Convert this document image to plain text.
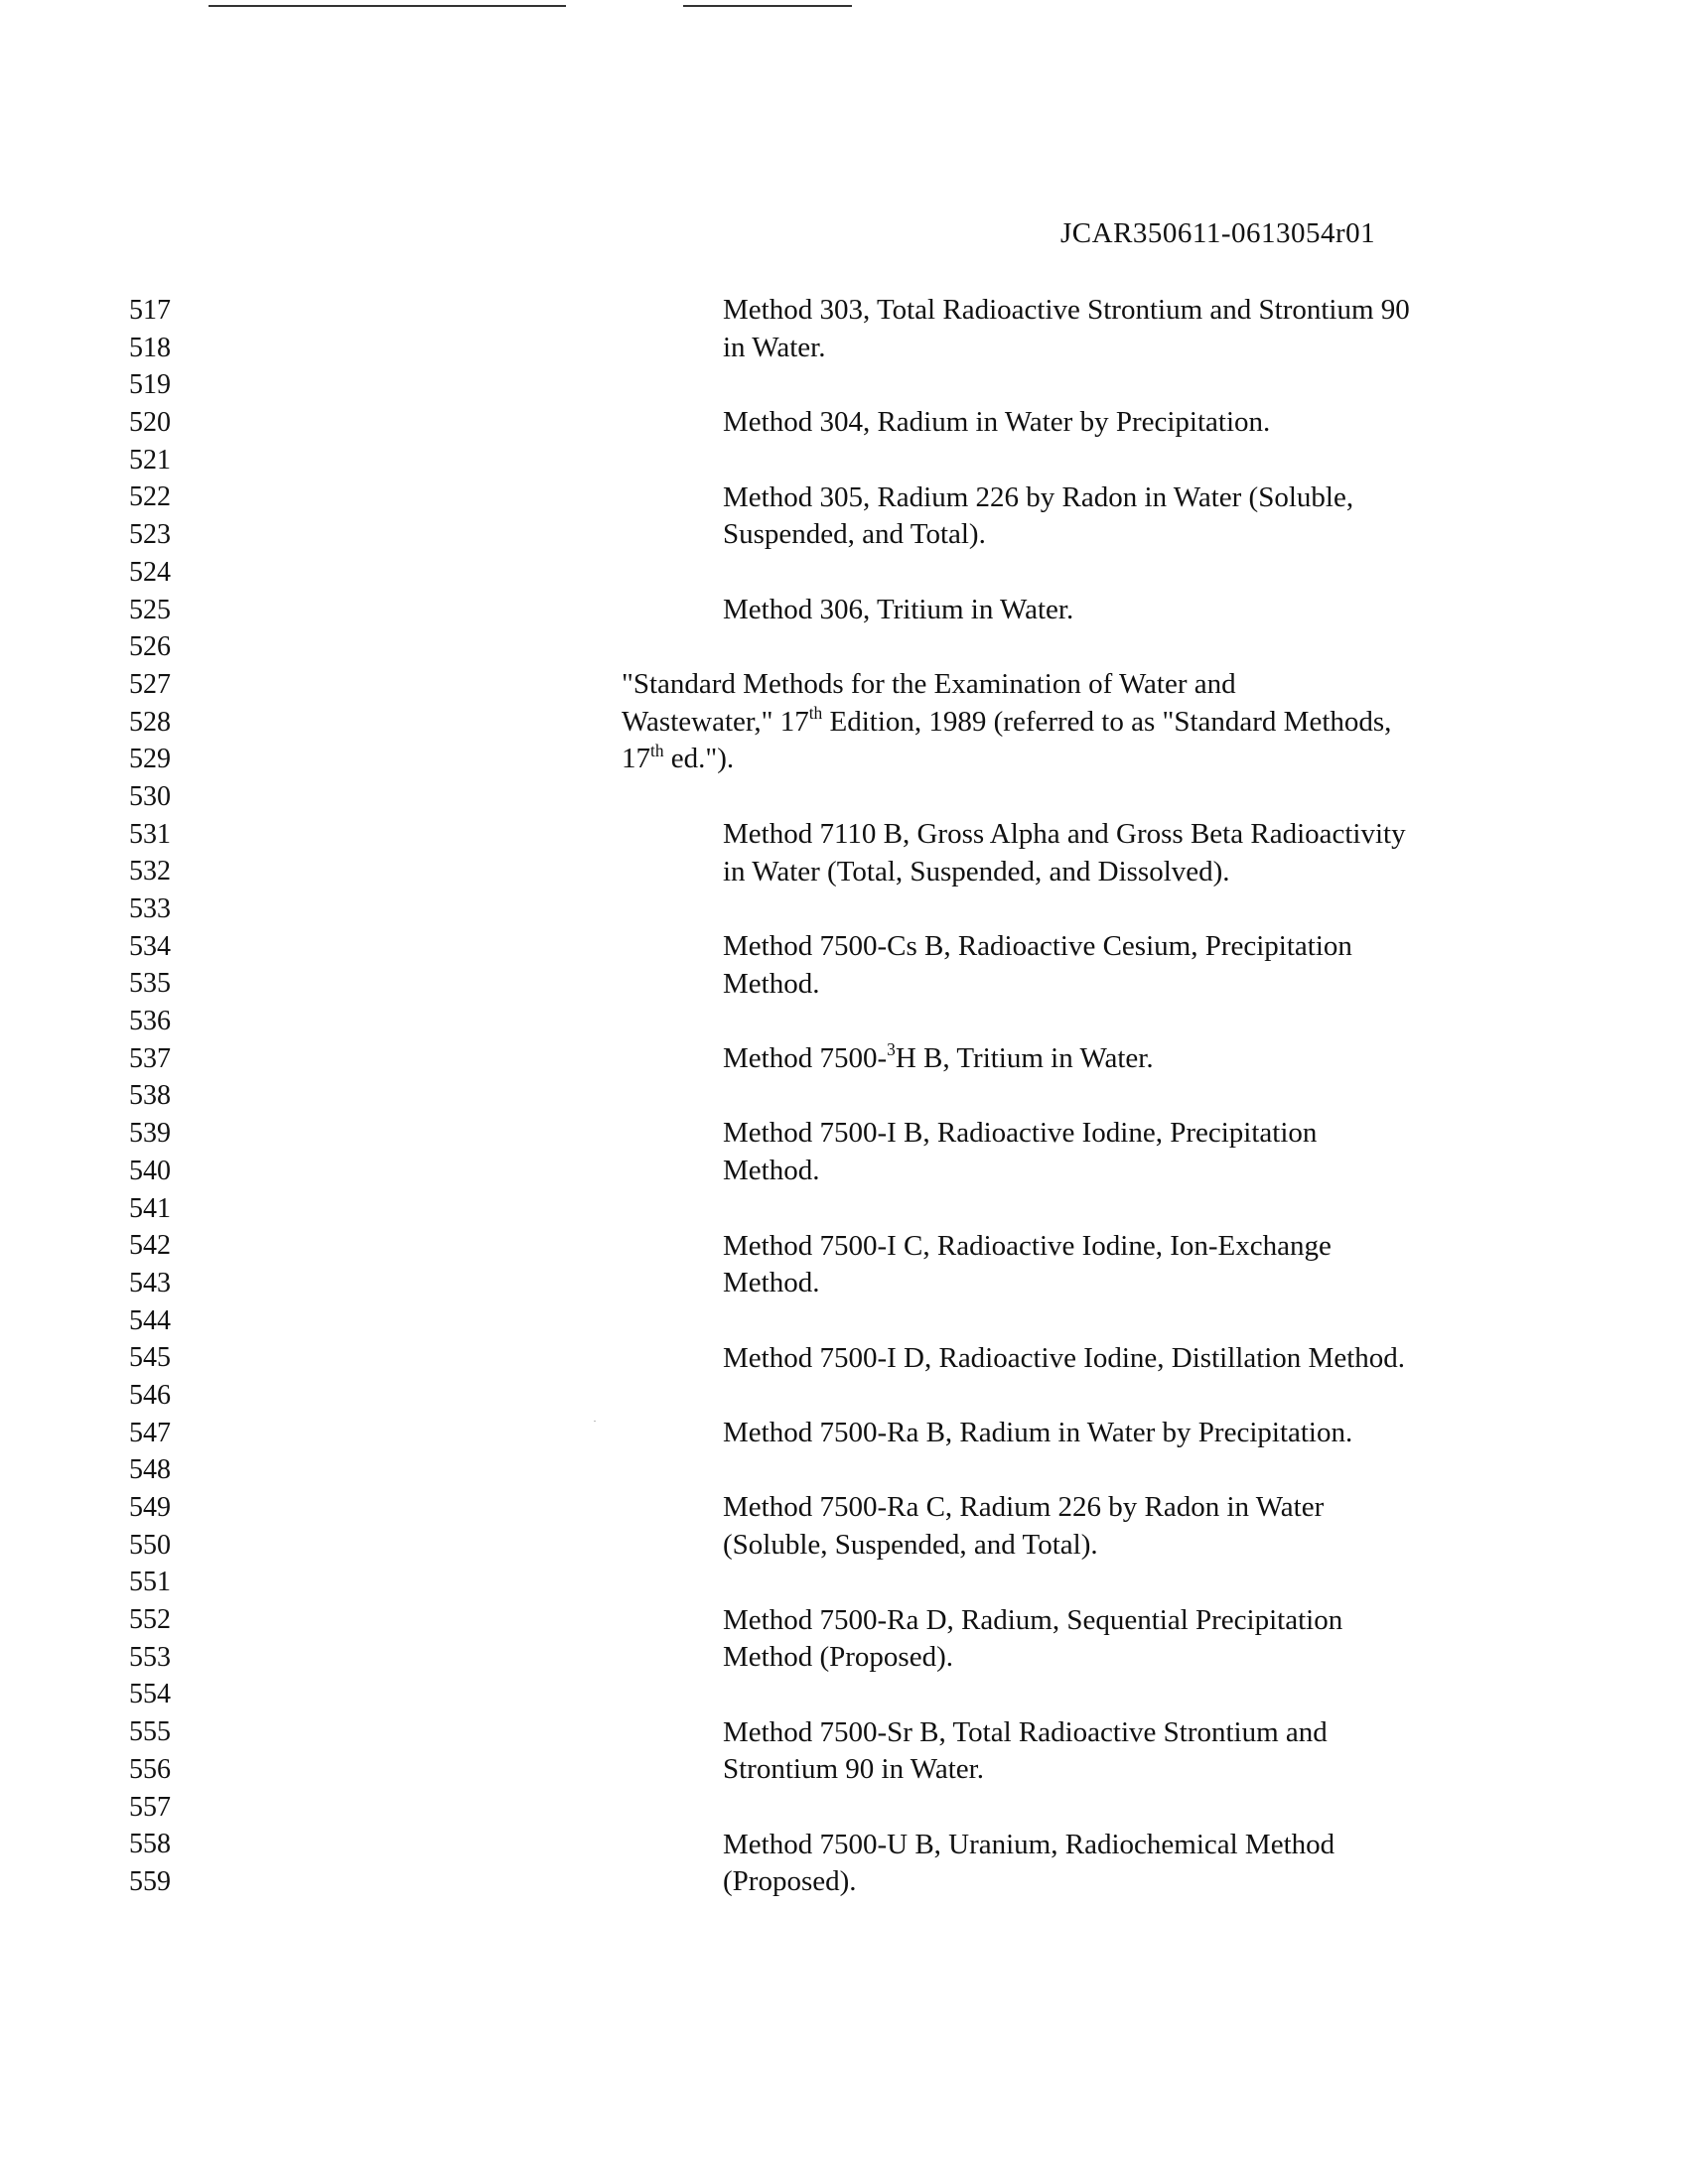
JCAR350611-0613054r01
517
518
519
520
521
522
523
524
525
526
527
528
529
530
531
532
533
534
535
536
537
538
539
540
541
542
543
544
545
546
547
548
549
550
551
552
553
554
555
556
557
558
559
Method 303, Total Radioactive Strontium and Strontium 90
in Water.
Method 304, Radium in Water by Precipitation.
Method 305, Radium 226 by Radon in Water (Soluble,
Suspended, and Total).
Method 306, Tritium in Water.
"Standard Methods for the Examination of Water and
Wastewater," 17th Edition, 1989 (referred to as "Standard Methods,
17th ed.").
Method 7110 B, Gross Alpha and Gross Beta Radioactivity
in Water (Total, Suspended, and Dissolved).
Method 7500-Cs B, Radioactive Cesium, Precipitation
Method.
Method 7500-$^3$H B, Tritium in Water.
Method 7500-I B, Radioactive Iodine, Precipitation
Method.
Method 7500-I C, Radioactive Iodine, Ion-Exchange
Method.
Method 7500-I D, Radioactive Iodine, Distillation Method.
Method 7500-Ra B, Radium in Water by Precipitation.
Method 7500-Ra C, Radium 226 by Radon in Water
(Soluble, Suspended, and Total).
Method 7500-Ra D, Radium, Sequential Precipitation
Method (Proposed).
Method 7500-Sr B, Total Radioactive Strontium and
Strontium 90 in Water.
Method 7500-U B, Uranium, Radiochemical Method
(Proposed).
